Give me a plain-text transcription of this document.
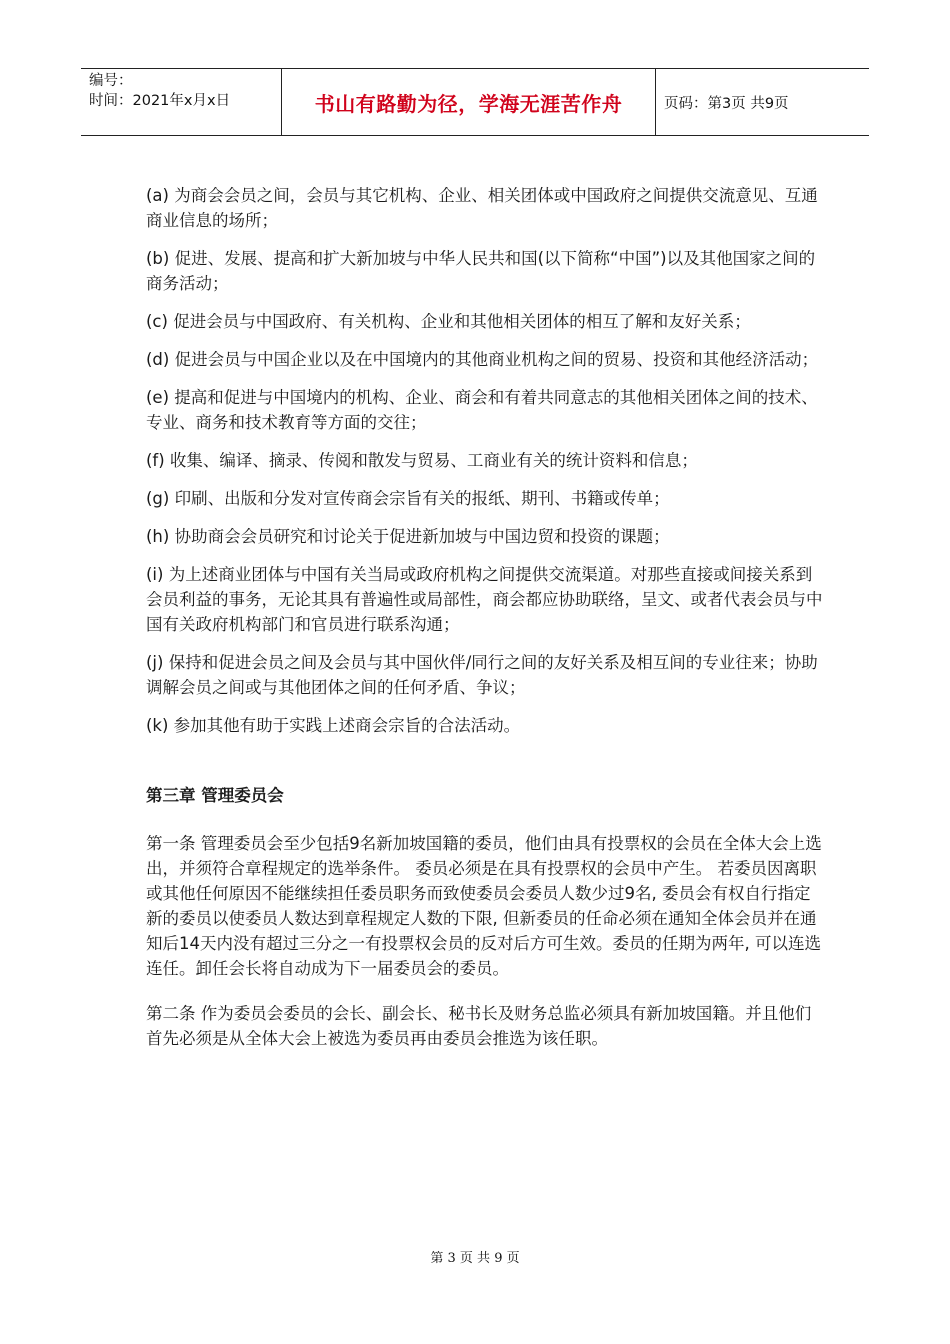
编号：
时间：2021年x月x日	书山有路勤为径，学海无涯苦作舟	页码：第3页 共9页

(a) 为商会会员之间，会员与其它机构、企业、相关团体或中国政府之间提供交流意见、互通商业信息的场所；

(b) 促进、发展、提高和扩大新加坡与中华人民共和国(以下简称“中国”)以及其他国家之间的商务活动；

(c) 促进会员与中国政府、有关机构、企业和其他相关团体的相互了解和友好关系；

(d) 促进会员与中国企业以及在中国境内的其他商业机构之间的贸易、投资和其他经济活动；

(e) 提高和促进与中国境内的机构、企业、商会和有着共同意志的其他相关团体之间的技术、专业、商务和技术教育等方面的交往；

(f) 收集、编译、摘录、传阅和散发与贸易、工商业有关的统计资料和信息；

(g) 印刷、出版和分发对宣传商会宗旨有关的报纸、期刊、书籍或传单；

(h) 协助商会会员研究和讨论关于促进新加坡与中国边贸和投资的课题；

(i) 为上述商业团体与中国有关当局或政府机构之间提供交流渠道。对那些直接或间接关系到会员利益的事务，无论其具有普遍性或局部性，商会都应协助联络，呈文、或者代表会员与中国有关政府机构部门和官员进行联系沟通；

(j) 保持和促进会员之间及会员与其中国伙伴/同行之间的友好关系及相互间的专业往来；协助调解会员之间或与其他团体之间的任何矛盾、争议；

(k) 参加其他有助于实践上述商会宗旨的合法活动。

第三章 管理委员会

第一条 管理委员会至少包括9名新加坡国籍的委员，他们由具有投票权的会员在全体大会上选出，并须符合章程规定的选举条件。 委员必须是在具有投票权的会员中产生。 若委员因离职或其他任何原因不能继续担任委员职务而致使委员会委员人数少过9名, 委员会有权自行指定新的委员以使委员人数达到章程规定人数的下限, 但新委员的任命必须在通知全体会员并在通知后14天内没有超过三分之一有投票权会员的反对后方可生效。委员的任期为两年, 可以连选连任。卸任会长将自动成为下一届委员会的委员。

第二条 作为委员会委员的会长、副会长、秘书长及财务总监必须具有新加坡国籍。并且他们首先必须是从全体大会上被选为委员再由委员会推选为该任职。

第 3 页 共 9 页
